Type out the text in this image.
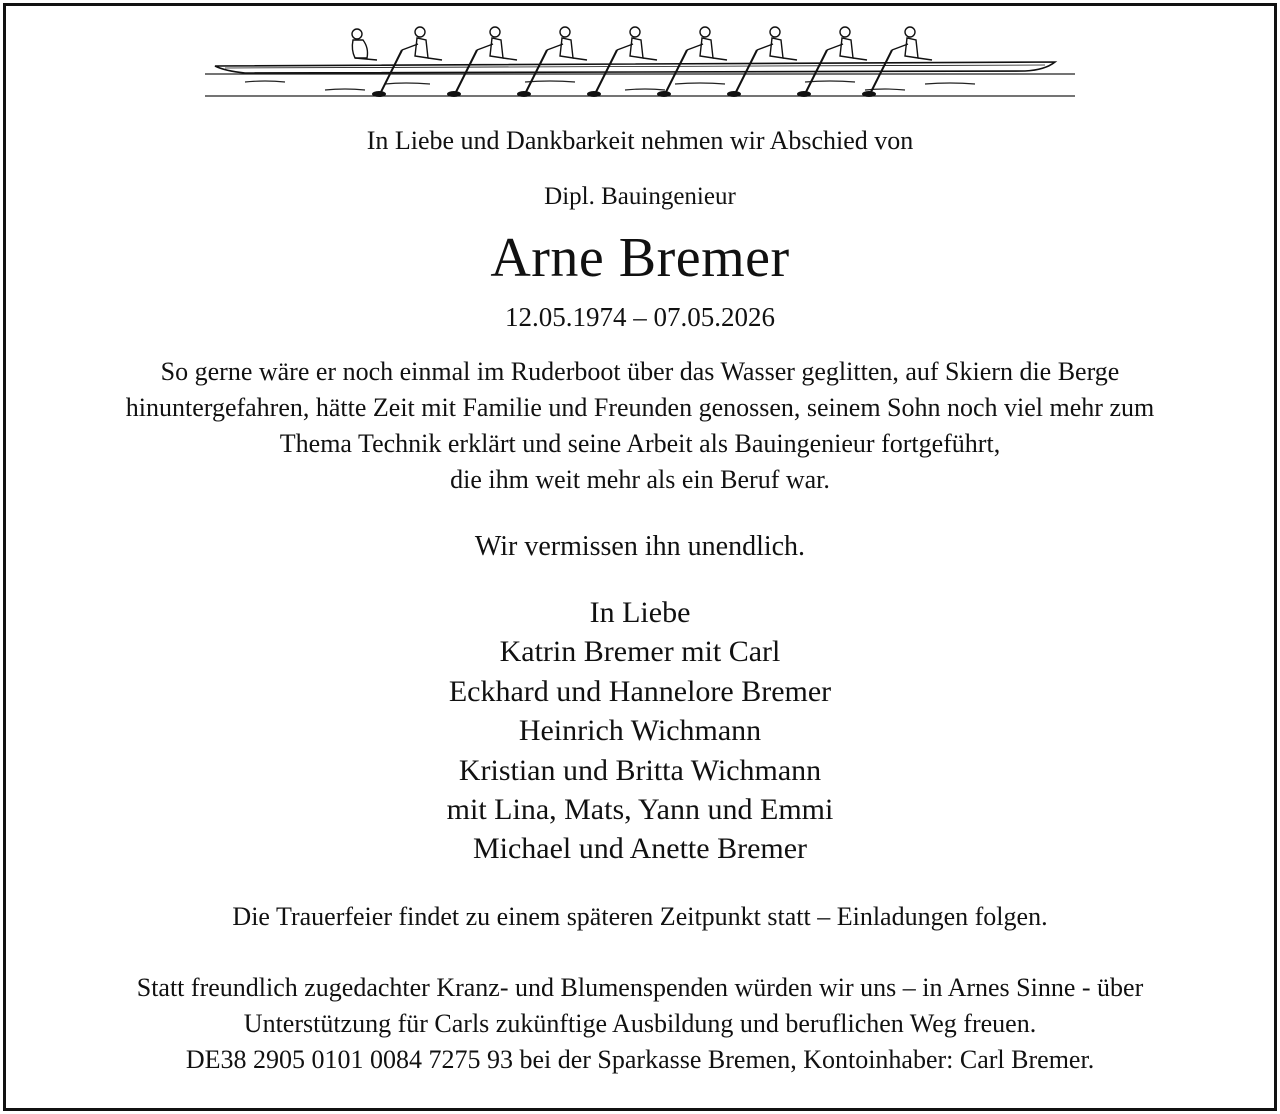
In Liebe und Dankbarkeit nehmen wir Abschied von
Dipl. Bauingenieur
Arne Bremer
12.05.1974 – 07.05.2026
So gerne wäre er noch einmal im Ruderboot über das Wasser geglitten, auf Skiern die Berge
hinuntergefahren, hätte Zeit mit Familie und Freunden genossen, seinem Sohn noch viel mehr zum
Thema Technik erklärt und seine Arbeit als Bauingenieur fortgeführt,
die ihm weit mehr als ein Beruf war.
Wir vermissen ihn unendlich.
In Liebe
Katrin Bremer mit Carl
Eckhard und Hannelore Bremer
Heinrich Wichmann
Kristian und Britta Wichmann
mit Lina, Mats, Yann und Emmi
Michael und Anette Bremer
Die Trauerfeier findet zu einem späteren Zeitpunkt statt – Einladungen folgen.
Statt freundlich zugedachter Kranz- und Blumenspenden würden wir uns – in Arnes Sinne - über
Unterstützung für Carls zukünftige Ausbildung und beruflichen Weg freuen.
DE38 2905 0101 0084 7275 93 bei der Sparkasse Bremen, Kontoinhaber: Carl Bremer.
